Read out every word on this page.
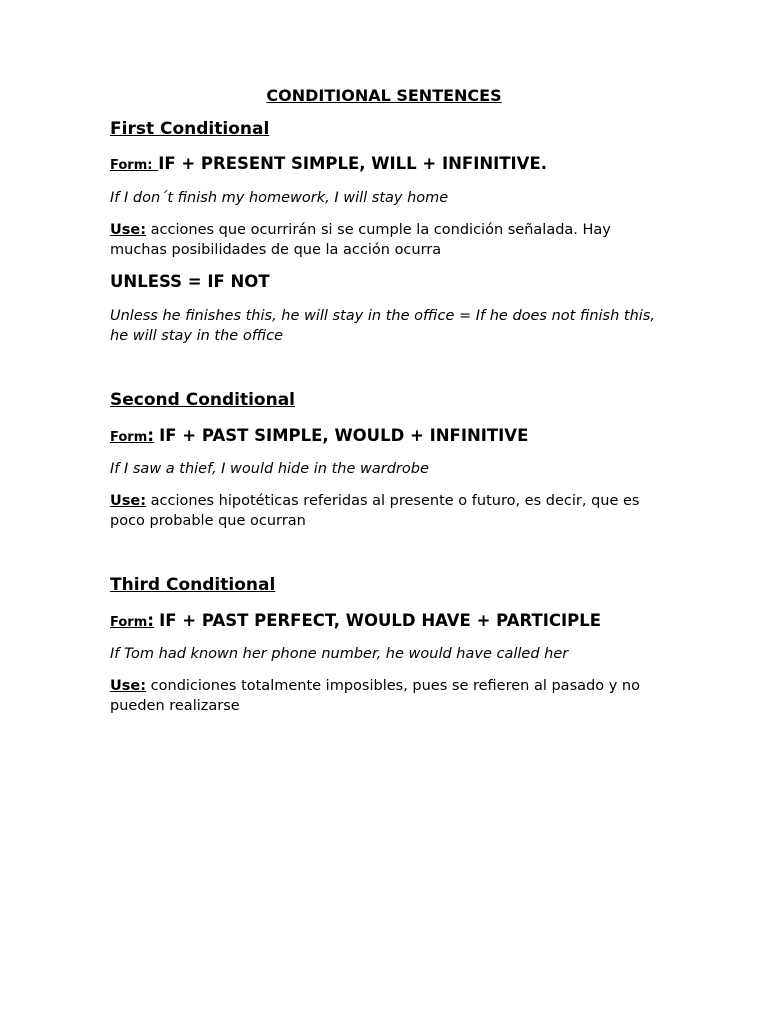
CONDITIONAL SENTENCES

First Conditional

Form: IF + PRESENT SIMPLE, WILL + INFINITIVE.

If I don´t finish my homework, I will stay home

Use: acciones que ocurrirán si se cumple la condición señalada. Hay muchas posibilidades de que la acción ocurra

UNLESS = IF NOT

Unless he finishes this, he will stay in the office = If he does not finish this, he will stay in the office

Second Conditional

Form: IF + PAST SIMPLE, WOULD + INFINITIVE

If I saw a thief, I would hide in the wardrobe

Use: acciones hipotéticas referidas al presente o futuro, es decir, que es poco probable que ocurran

Third Conditional

Form: IF + PAST PERFECT, WOULD HAVE + PARTICIPLE

If Tom had known her phone number, he would have called her

Use: condiciones totalmente imposibles, pues se refieren al pasado y no pueden realizarse
